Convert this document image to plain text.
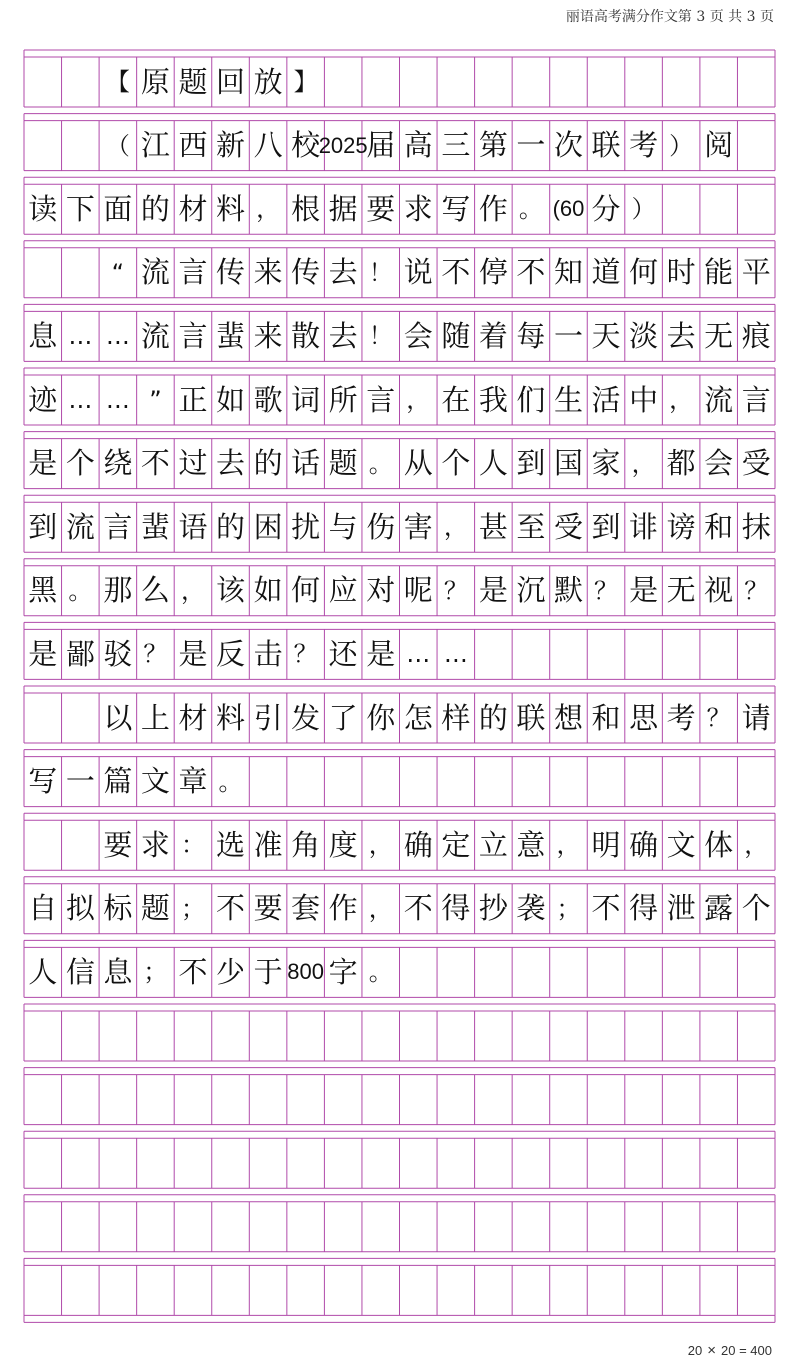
丽语高考满分作文第 3 页 共 3 页
【 原 题 回 放 】
（ 江 西 新 八 校
2025
届 高 三 第 一 次 联 考 ） 阅
读 下 面 的 材 料 ， 根 据 要 求 写 作 。 (60 分 ）
“ 流 言 传 来 传 去 ！ 说 不 停 不 知 道 何 时 能 平
息 … … 流 言 蜚 来 散 去 ！ 会 随 着 每 一 天 淡 去 无 痕
迹 … … ” 正 如 歌 词 所 言 ， 在 我 们 生 活 中 ， 流 言
是 个 绕 不 过 去 的 话 题 。 从 个 人 到 国 家 ， 都 会 受
到 流 言 蜚 语 的 困 扰 与 伤 害 ， 甚 至 受 到 诽 谤 和 抹
黑 。 那 么 ， 该 如 何 应 对 呢 ？ 是 沉 默 ？ 是 无 视 ？
是 鄙 驳 ？ 是 反 击 ？ 还 是 … …
以 上 材 料 引 发 了 你 怎 样 的 联 想 和 思 考 ？ 请
写 一 篇 文 章 。
要 求 ： 选 准 角 度 ， 确 定 立 意 ， 明 确 文 体 ，
自 拟 标 题 ； 不 要 套 作 ， 不 得 抄 袭 ； 不 得 泄 露 个
人 信 息 ； 不 少 于 800 字 。
20 × 20 = 400
